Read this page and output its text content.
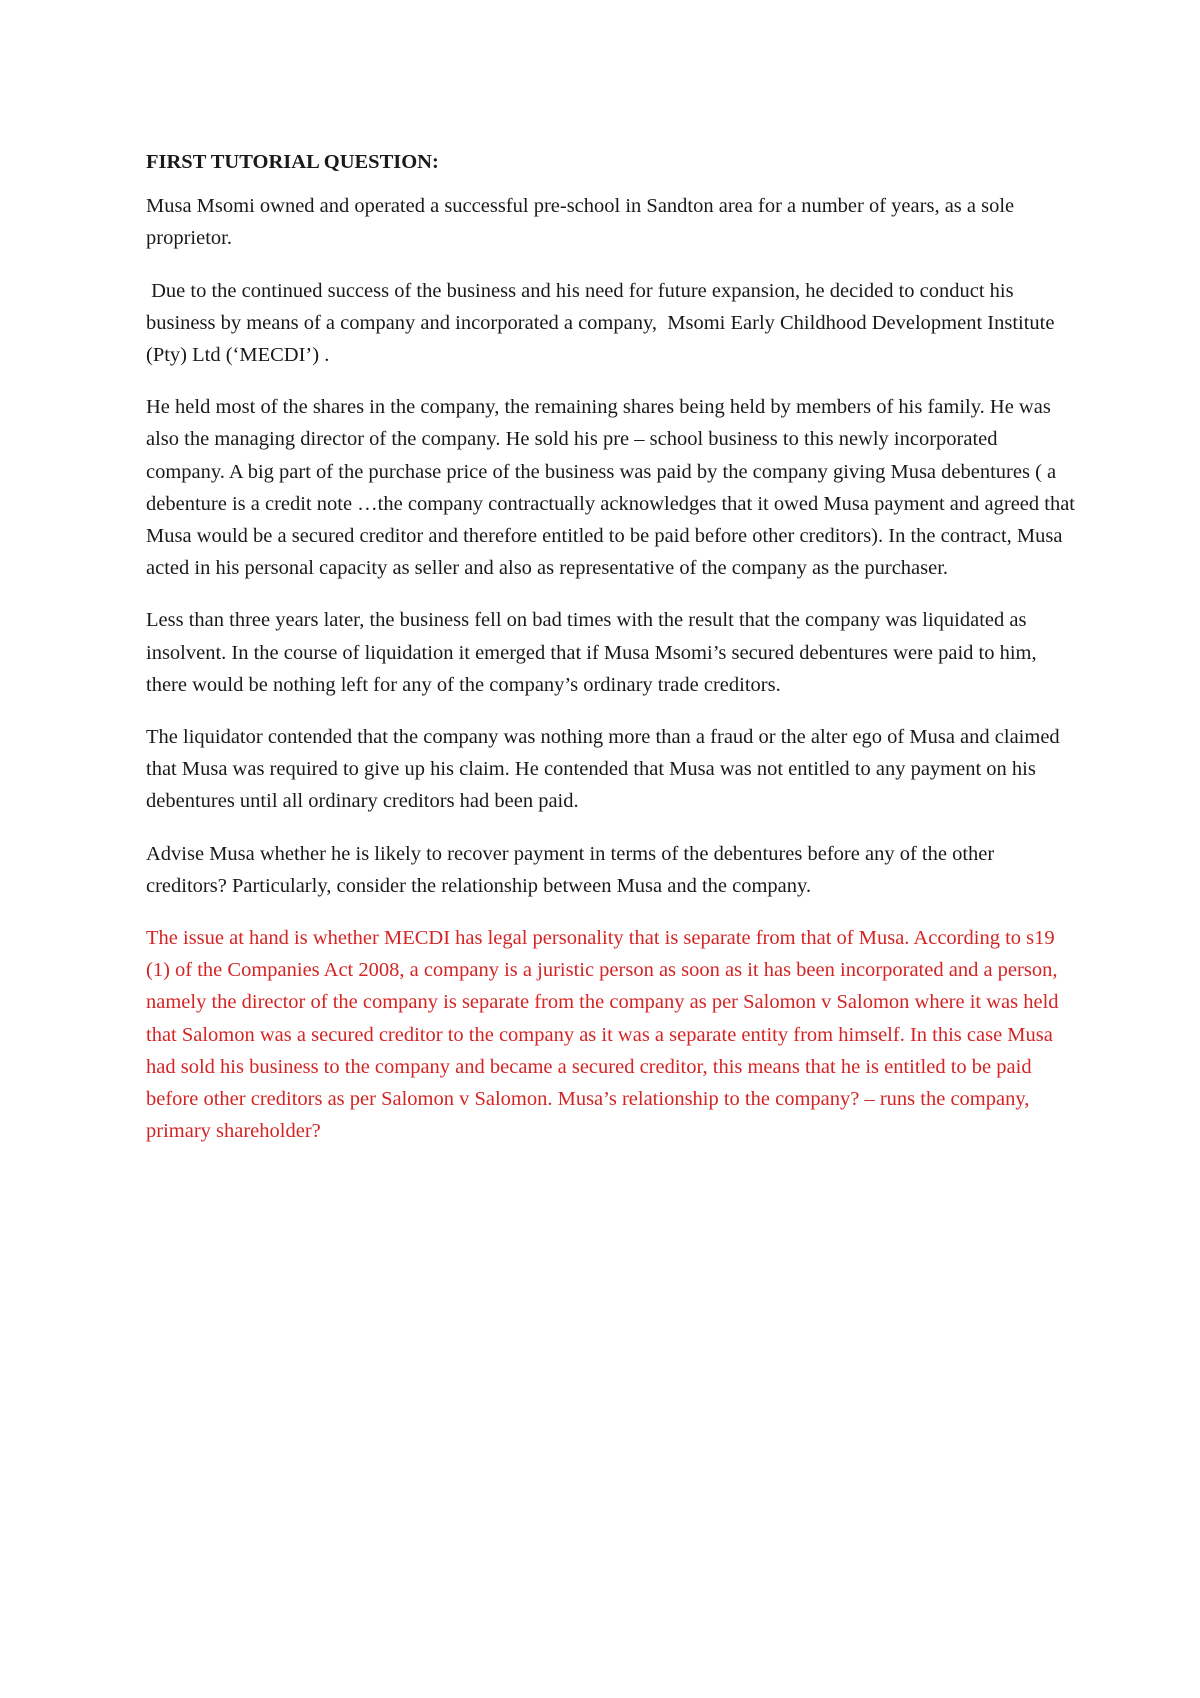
FIRST TUTORIAL QUESTION:

Musa Msomi owned and operated a successful pre-school in Sandton area for a number of years, as a sole proprietor.

Due to the continued success of the business and his need for future expansion, he decided to conduct his business by means of a company and incorporated a company,  Msomi Early Childhood Development Institute (Pty) Ltd (‘MECDI’) .

He held most of the shares in the company, the remaining shares being held by members of his family. He was also the managing director of the company. He sold his pre – school business to this newly incorporated company. A big part of the purchase price of the business was paid by the company giving Musa debentures ( a debenture is a credit note …the company contractually acknowledges that it owed Musa payment and agreed that Musa would be a secured creditor and therefore entitled to be paid before other creditors). In the contract, Musa acted in his personal capacity as seller and also as representative of the company as the purchaser.

Less than three years later, the business fell on bad times with the result that the company was liquidated as insolvent. In the course of liquidation it emerged that if Musa Msomi’s secured debentures were paid to him, there would be nothing left for any of the company’s ordinary trade creditors.

The liquidator contended that the company was nothing more than a fraud or the alter ego of Musa and claimed that Musa was required to give up his claim. He contended that Musa was not entitled to any payment on his debentures until all ordinary creditors had been paid.

Advise Musa whether he is likely to recover payment in terms of the debentures before any of the other creditors? Particularly, consider the relationship between Musa and the company.

The issue at hand is whether MECDI has legal personality that is separate from that of Musa. According to s19 (1) of the Companies Act 2008, a company is a juristic person as soon as it has been incorporated and a person, namely the director of the company is separate from the company as per Salomon v Salomon where it was held that Salomon was a secured creditor to the company as it was a separate entity from himself. In this case Musa had sold his business to the company and became a secured creditor, this means that he is entitled to be paid before other creditors as per Salomon v Salomon. Musa’s relationship to the company? – runs the company, primary shareholder?
